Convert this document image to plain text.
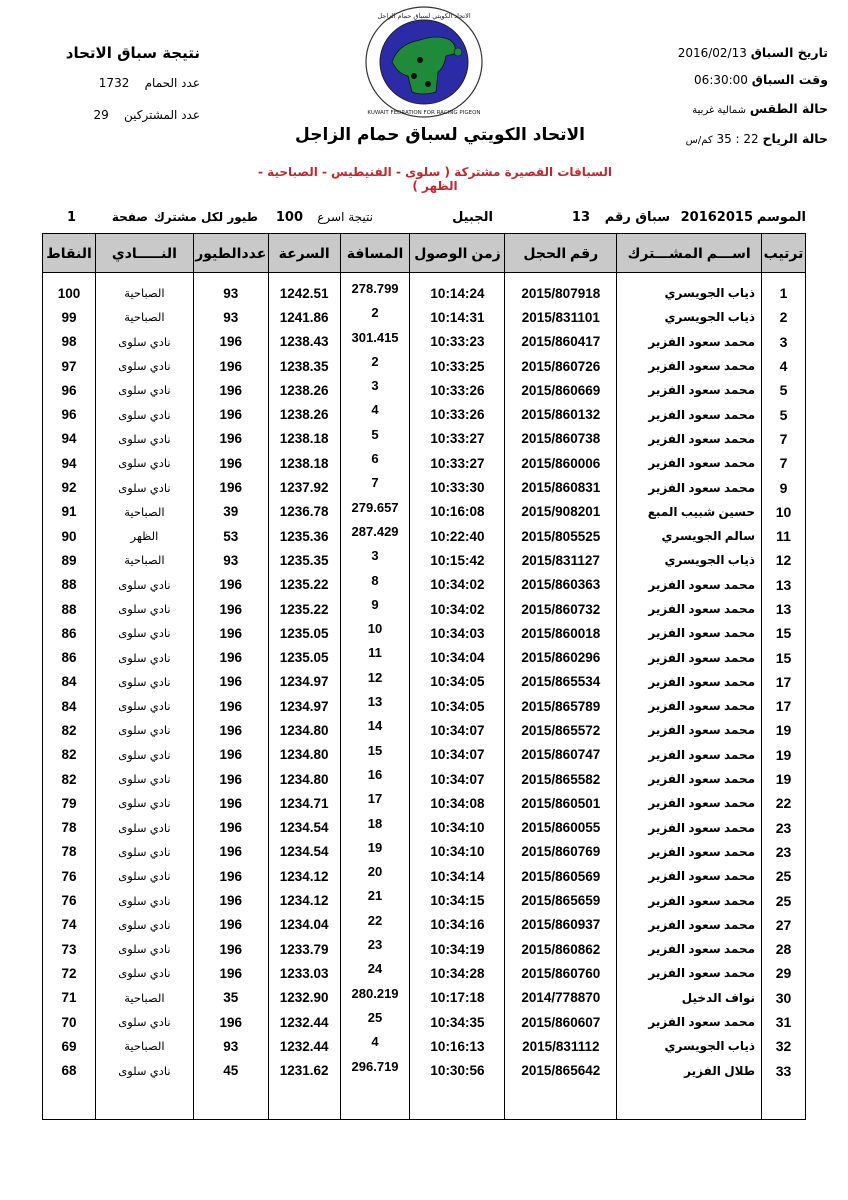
نتيجة سباق الاتحاد
عدد الحمام    1732
عدد المشتركين    29
الاتحاد الكويتي لسباق حمام الزاجل
KUWAIT FEDRATION FOR RACING PIGEON
تاريخ السباق 2016/02/13
وقت السباق 06:30:00
حالة الطقس شمالية غربية
حالة الرياح 22 : 35 كم/س
الاتحاد الكويتي لسباق حمام الزاجل
السباقات القصيرة مشتركة ( سلوى - الفنيطيس - الصباحية - الظهر )
الموسم
20162015
سباق رقم
13
الجبيل
نتيجة اسرع
100
طيور لكل مشترك
صفحة
1
ترتيب	اســـم المشـــترك	رقم الحجل	زمن الوصول	المسافة	السرعة	عددالطيور	النـــــادي	النقاط
1	ذياب الجويسري	2015/807918	10:14:24	278.799	1242.51	93	الصباحية	100
2	ذياب الجويسري	2015/831101	10:14:31	2	1241.86	93	الصباحية	99
3	محمد سعود الفزير	2015/860417	10:33:23	301.415	1238.43	196	نادي سلوى	98
4	محمد سعود الفزير	2015/860726	10:33:25	2	1238.35	196	نادي سلوى	97
5	محمد سعود الفزير	2015/860669	10:33:26	3	1238.26	196	نادي سلوى	96
5	محمد سعود الفزير	2015/860132	10:33:26	4	1238.26	196	نادي سلوى	96
7	محمد سعود الفزير	2015/860738	10:33:27	5	1238.18	196	نادي سلوى	94
7	محمد سعود الفزير	2015/860006	10:33:27	6	1238.18	196	نادي سلوى	94
9	محمد سعود الفزير	2015/860831	10:33:30	7	1237.92	196	نادي سلوى	92
10	حسين شبيب المبع	2015/908201	10:16:08	279.657	1236.78	39	الصباحية	91
11	سالم الجويسري	2015/805525	10:22:40	287.429	1235.36	53	الظهر	90
12	ذياب الجويسري	2015/831127	10:15:42	3	1235.35	93	الصباحية	89
13	محمد سعود الفزير	2015/860363	10:34:02	8	1235.22	196	نادي سلوى	88
13	محمد سعود الفزير	2015/860732	10:34:02	9	1235.22	196	نادي سلوى	88
15	محمد سعود الفزير	2015/860018	10:34:03	10	1235.05	196	نادي سلوى	86
15	محمد سعود الفزير	2015/860296	10:34:04	11	1235.05	196	نادي سلوى	86
17	محمد سعود الفزير	2015/865534	10:34:05	12	1234.97	196	نادي سلوى	84
17	محمد سعود الفزير	2015/865789	10:34:05	13	1234.97	196	نادي سلوى	84
19	محمد سعود الفزير	2015/865572	10:34:07	14	1234.80	196	نادي سلوى	82
19	محمد سعود الفزير	2015/860747	10:34:07	15	1234.80	196	نادي سلوى	82
19	محمد سعود الفزير	2015/865582	10:34:07	16	1234.80	196	نادي سلوى	82
22	محمد سعود الفزير	2015/860501	10:34:08	17	1234.71	196	نادي سلوى	79
23	محمد سعود الفزير	2015/860055	10:34:10	18	1234.54	196	نادي سلوى	78
23	محمد سعود الفزير	2015/860769	10:34:10	19	1234.54	196	نادي سلوى	78
25	محمد سعود الفزير	2015/860569	10:34:14	20	1234.12	196	نادي سلوى	76
25	محمد سعود الفزير	2015/865659	10:34:15	21	1234.12	196	نادي سلوى	76
27	محمد سعود الفزير	2015/860937	10:34:16	22	1234.04	196	نادي سلوى	74
28	محمد سعود الفزير	2015/860862	10:34:19	23	1233.79	196	نادي سلوى	73
29	محمد سعود الفزير	2015/860760	10:34:28	24	1233.03	196	نادي سلوى	72
30	نواف الدخيل	2014/778870	10:17:18	280.219	1232.90	35	الصباحية	71
31	محمد سعود الفزير	2015/860607	10:34:35	25	1232.44	196	نادي سلوى	70
32	ذياب الجويسري	2015/831112	10:16:13	4	1232.44	93	الصباحية	69
33	طلال الفزير	2015/865642	10:30:56	296.719	1231.62	45	نادي سلوى	68
